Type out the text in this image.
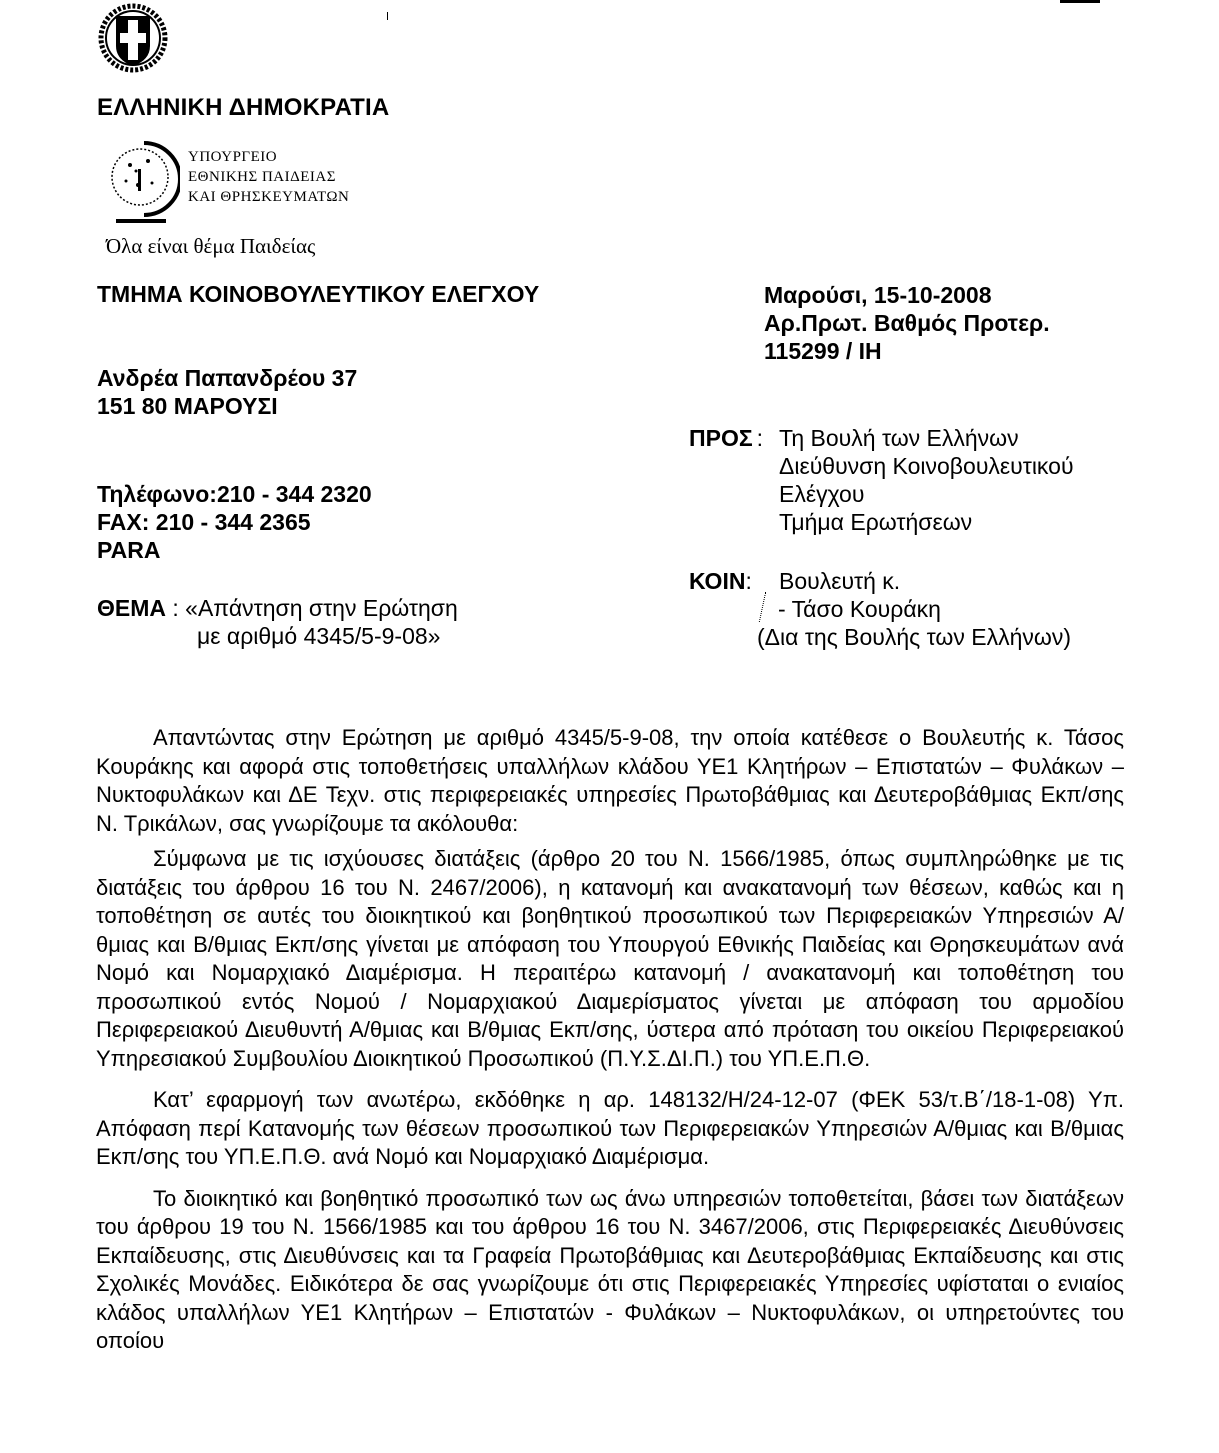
ΕΛΛΗΝΙΚΗ ΔΗΜΟΚΡΑΤΙΑ
ΥΠΟΥΡΓΕΙΟ
ΕΘΝΙΚΗΣ ΠΑΙΔΕΙΑΣ
ΚΑΙ ΘΡΗΣΚΕΥΜΑΤΩΝ
Όλα είναι θέμα Παιδείας
ΤΜΗΜΑ ΚΟΙΝΟΒΟΥΛΕΥΤΙΚΟΥ ΕΛΕΓΧΟΥ
Ανδρέα Παπανδρέου 37
151 80 ΜΑΡΟΥΣΙ
Τηλέφωνο:210 - 344 2320
FAX: 210 - 344 2365
PARA
ΘΕΜΑ : «Απάντηση στην Ερώτηση
με αριθμό 4345/5-9-08»
Μαρούσι, 15-10-2008
Αρ.Πρωτ. Βαθμός Προτερ.
115299 / ΙΗ
ΠΡΟΣ : Τη Βουλή των Ελλήνων
Διεύθυνση Κοινοβουλευτικού
Ελέγχου
Τμήμα Ερωτήσεων
ΚΟΙΝ: Βουλευτή κ.
- Τάσο Κουράκη
(Δια της Βουλής των Ελλήνων)

Απαντώντας στην Ερώτηση με αριθμό 4345/5-9-08, την οποία κατέθεσε ο Βουλευτής κ. Τάσος Κουράκης και αφορά στις τοποθετήσεις υπαλλήλων κλάδου ΥΕ1 Κλητήρων – Επιστατών – Φυλάκων – Νυκτοφυλάκων και ΔΕ Τεχν. στις περιφερειακές υπηρεσίες Πρωτοβάθμιας και Δευτεροβάθμιας Εκπ/σης Ν. Τρικάλων, σας γνωρίζουμε τα ακόλουθα:

Σύμφωνα με τις ισχύουσες διατάξεις (άρθρο 20 του Ν. 1566/1985, όπως συμπληρώθηκε με τις διατάξεις του άρθρου 16 του Ν. 2467/2006), η κατανομή και ανακατανομή των θέσεων, καθώς και η τοποθέτηση σε αυτές του διοικητικού και βοηθητικού προσωπικού των Περιφερειακών Υπηρεσιών Α/θμιας και Β/θμιας Εκπ/σης γίνεται με απόφαση του Υπουργού Εθνικής Παιδείας και Θρησκευμάτων ανά Νομό και Νομαρχιακό Διαμέρισμα. Η περαιτέρω κατανομή / ανακατανομή και τοποθέτηση του προσωπικού εντός Νομού / Νομαρχιακού Διαμερίσματος γίνεται με απόφαση του αρμοδίου Περιφερειακού Διευθυντή Α/θμιας και Β/θμιας Εκπ/σης, ύστερα από πρόταση του οικείου Περιφερειακού Υπηρεσιακού Συμβουλίου Διοικητικού Προσωπικού (Π.Υ.Σ.ΔΙ.Π.) του ΥΠ.Ε.Π.Θ.

Κατ’ εφαρμογή των ανωτέρω, εκδόθηκε η αρ. 148132/Η/24-12-07 (ΦΕΚ 53/τ.Β΄/18-1-08) Υπ. Απόφαση περί Κατανομής των θέσεων προσωπικού των Περιφερειακών Υπηρεσιών Α/θμιας και Β/θμιας Εκπ/σης του ΥΠ.Ε.Π.Θ. ανά Νομό και Νομαρχιακό Διαμέρισμα.

Το διοικητικό και βοηθητικό προσωπικό των ως άνω υπηρεσιών τοποθετείται, βάσει των διατάξεων του άρθρου 19 του Ν. 1566/1985 και του άρθρου 16 του Ν. 3467/2006, στις Περιφερειακές Διευθύνσεις Εκπαίδευσης, στις Διευθύνσεις και τα Γραφεία Πρωτοβάθμιας και Δευτεροβάθμιας Εκπαίδευσης και στις Σχολικές Μονάδες. Ειδικότερα δε σας γνωρίζουμε ότι στις Περιφερειακές Υπηρεσίες υφίσταται ο ενιαίος κλάδος υπαλλήλων ΥΕ1 Κλητήρων – Επιστατών - Φυλάκων – Νυκτοφυλάκων, οι υπηρετούντες του οποίου
